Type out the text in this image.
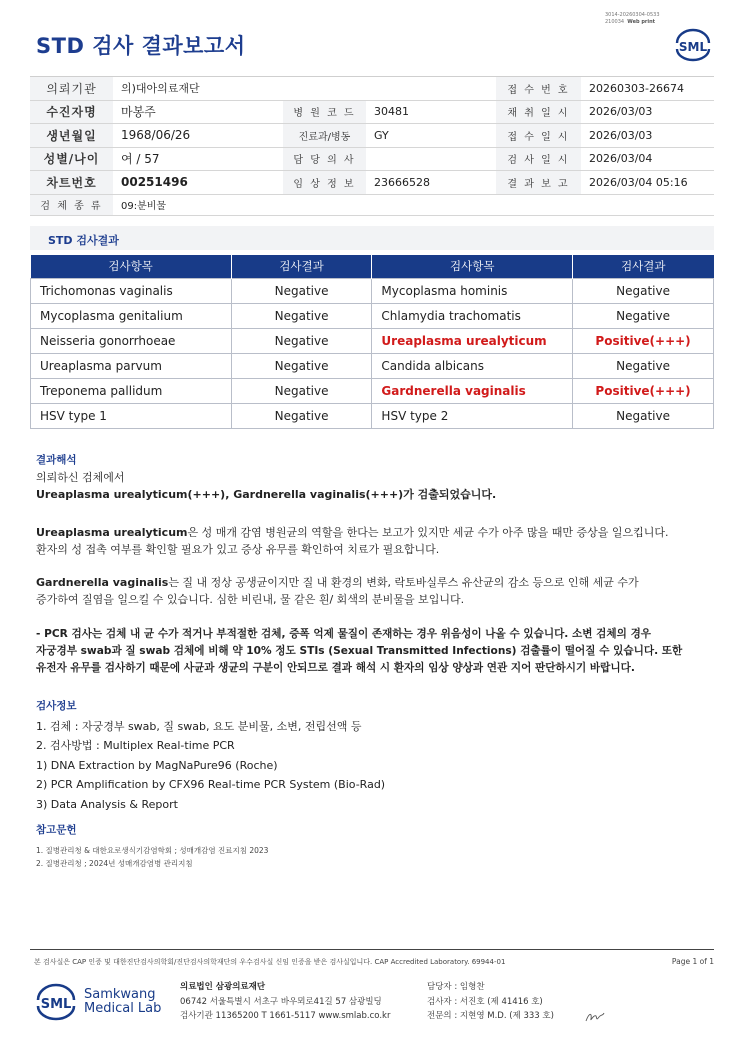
3014-20260304-0533
210034 Web print
STD 검사 결과보고서	SML
의뢰기관	의)대아의료재단			접 수 번 호	20260303-26674
수진자명	마봉주	병 원 코 드	30481	채 취 일 시	2026/03/03
생년월일	1968/06/26	진료과/병동	GY	접 수 일 시	2026/03/03
성별/나이	여 / 57	담 당 의 사		검 사 일 시	2026/03/04
차트번호	00251496	임 상 정 보	23666528	결 과 보 고	2026/03/04 05:16
검 체 종 류	09:분비물				
STD 검사결과
검사항목	검사결과	검사항목	검사결과
Trichomonas vaginalis	Negative	Mycoplasma hominis	Negative
Mycoplasma genitalium	Negative	Chlamydia trachomatis	Negative
Neisseria gonorrhoeae	Negative	Ureaplasma urealyticum	Positive(+++)
Ureaplasma parvum	Negative	Candida albicans	Negative
Treponema pallidum	Negative	Gardnerella vaginalis	Positive(+++)
HSV type 1	Negative	HSV type 2	Negative
결과해석
의뢰하신 검체에서
Ureaplasma urealyticum(+++), Gardnerella vaginalis(+++)가 검출되었습니다.
Ureaplasma urealyticum은 성 매개 감염 병원균의 역할을 한다는 보고가 있지만 세균 수가 아주 많을 때만 증상을 일으킵니다.
환자의 성 접촉 여부를 확인할 필요가 있고 증상 유무를 확인하여 치료가 필요합니다.
Gardnerella vaginalis는 질 내 정상 공생균이지만 질 내 환경의 변화, 락토바실루스 유산균의 감소 등으로 인해 세균 수가
증가하여 질염을 일으킬 수 있습니다. 심한 비린내, 물 같은 흰/ 회색의 분비물을 보입니다.
- PCR 검사는 검체 내 균 수가 적거나 부적절한 검체, 증폭 억제 물질이 존재하는 경우 위음성이 나올 수 있습니다. 소변 검체의 경우
자궁경부 swab과 질 swab 검체에 비해 약 10% 정도 STIs (Sexual Transmitted Infections) 검출률이 떨어질 수 있습니다. 또한
유전자 유무를 검사하기 때문에 사균과 생균의 구분이 안되므로 결과 해석 시 환자의 임상 양상과 연관 지어 판단하시기 바랍니다.
검사정보
1. 검체 : 자궁경부 swab, 질 swab, 요도 분비물, 소변, 전립선액 등
2. 검사방법 : Multiplex Real-time PCR
1) DNA Extraction by MagNaPure96 (Roche)
2) PCR Amplification by CFX96 Real-time PCR System (Bio-Rad)
3) Data Analysis & Report
참고문헌
1. 질병관리청 & 대한요로생식기감염학회 ; 성매개감염 진료지침 2023
2. 질병관리청 ; 2024년 성매개감염병 관리지침
본 검사실은 CAP 인증 및 대한진단검사의학회/진단검사의학재단의 우수검사실 신임 인증을 받은 검사실입니다. CAP Accredited Laboratory. 69944-01	Page 1 of 1
SML
Samkwang
Medical Lab
의료법인 삼광의료재단
06742 서울특별시 서초구 바우뫼로41길 57 삼광빌딩
검사기관 11365200 T 1661-5117 www.smlab.co.kr
담당자 : 임형찬
검사자 : 서진호 (제 41416 호)
전문의 : 지현영 M.D. (제 333 호)
